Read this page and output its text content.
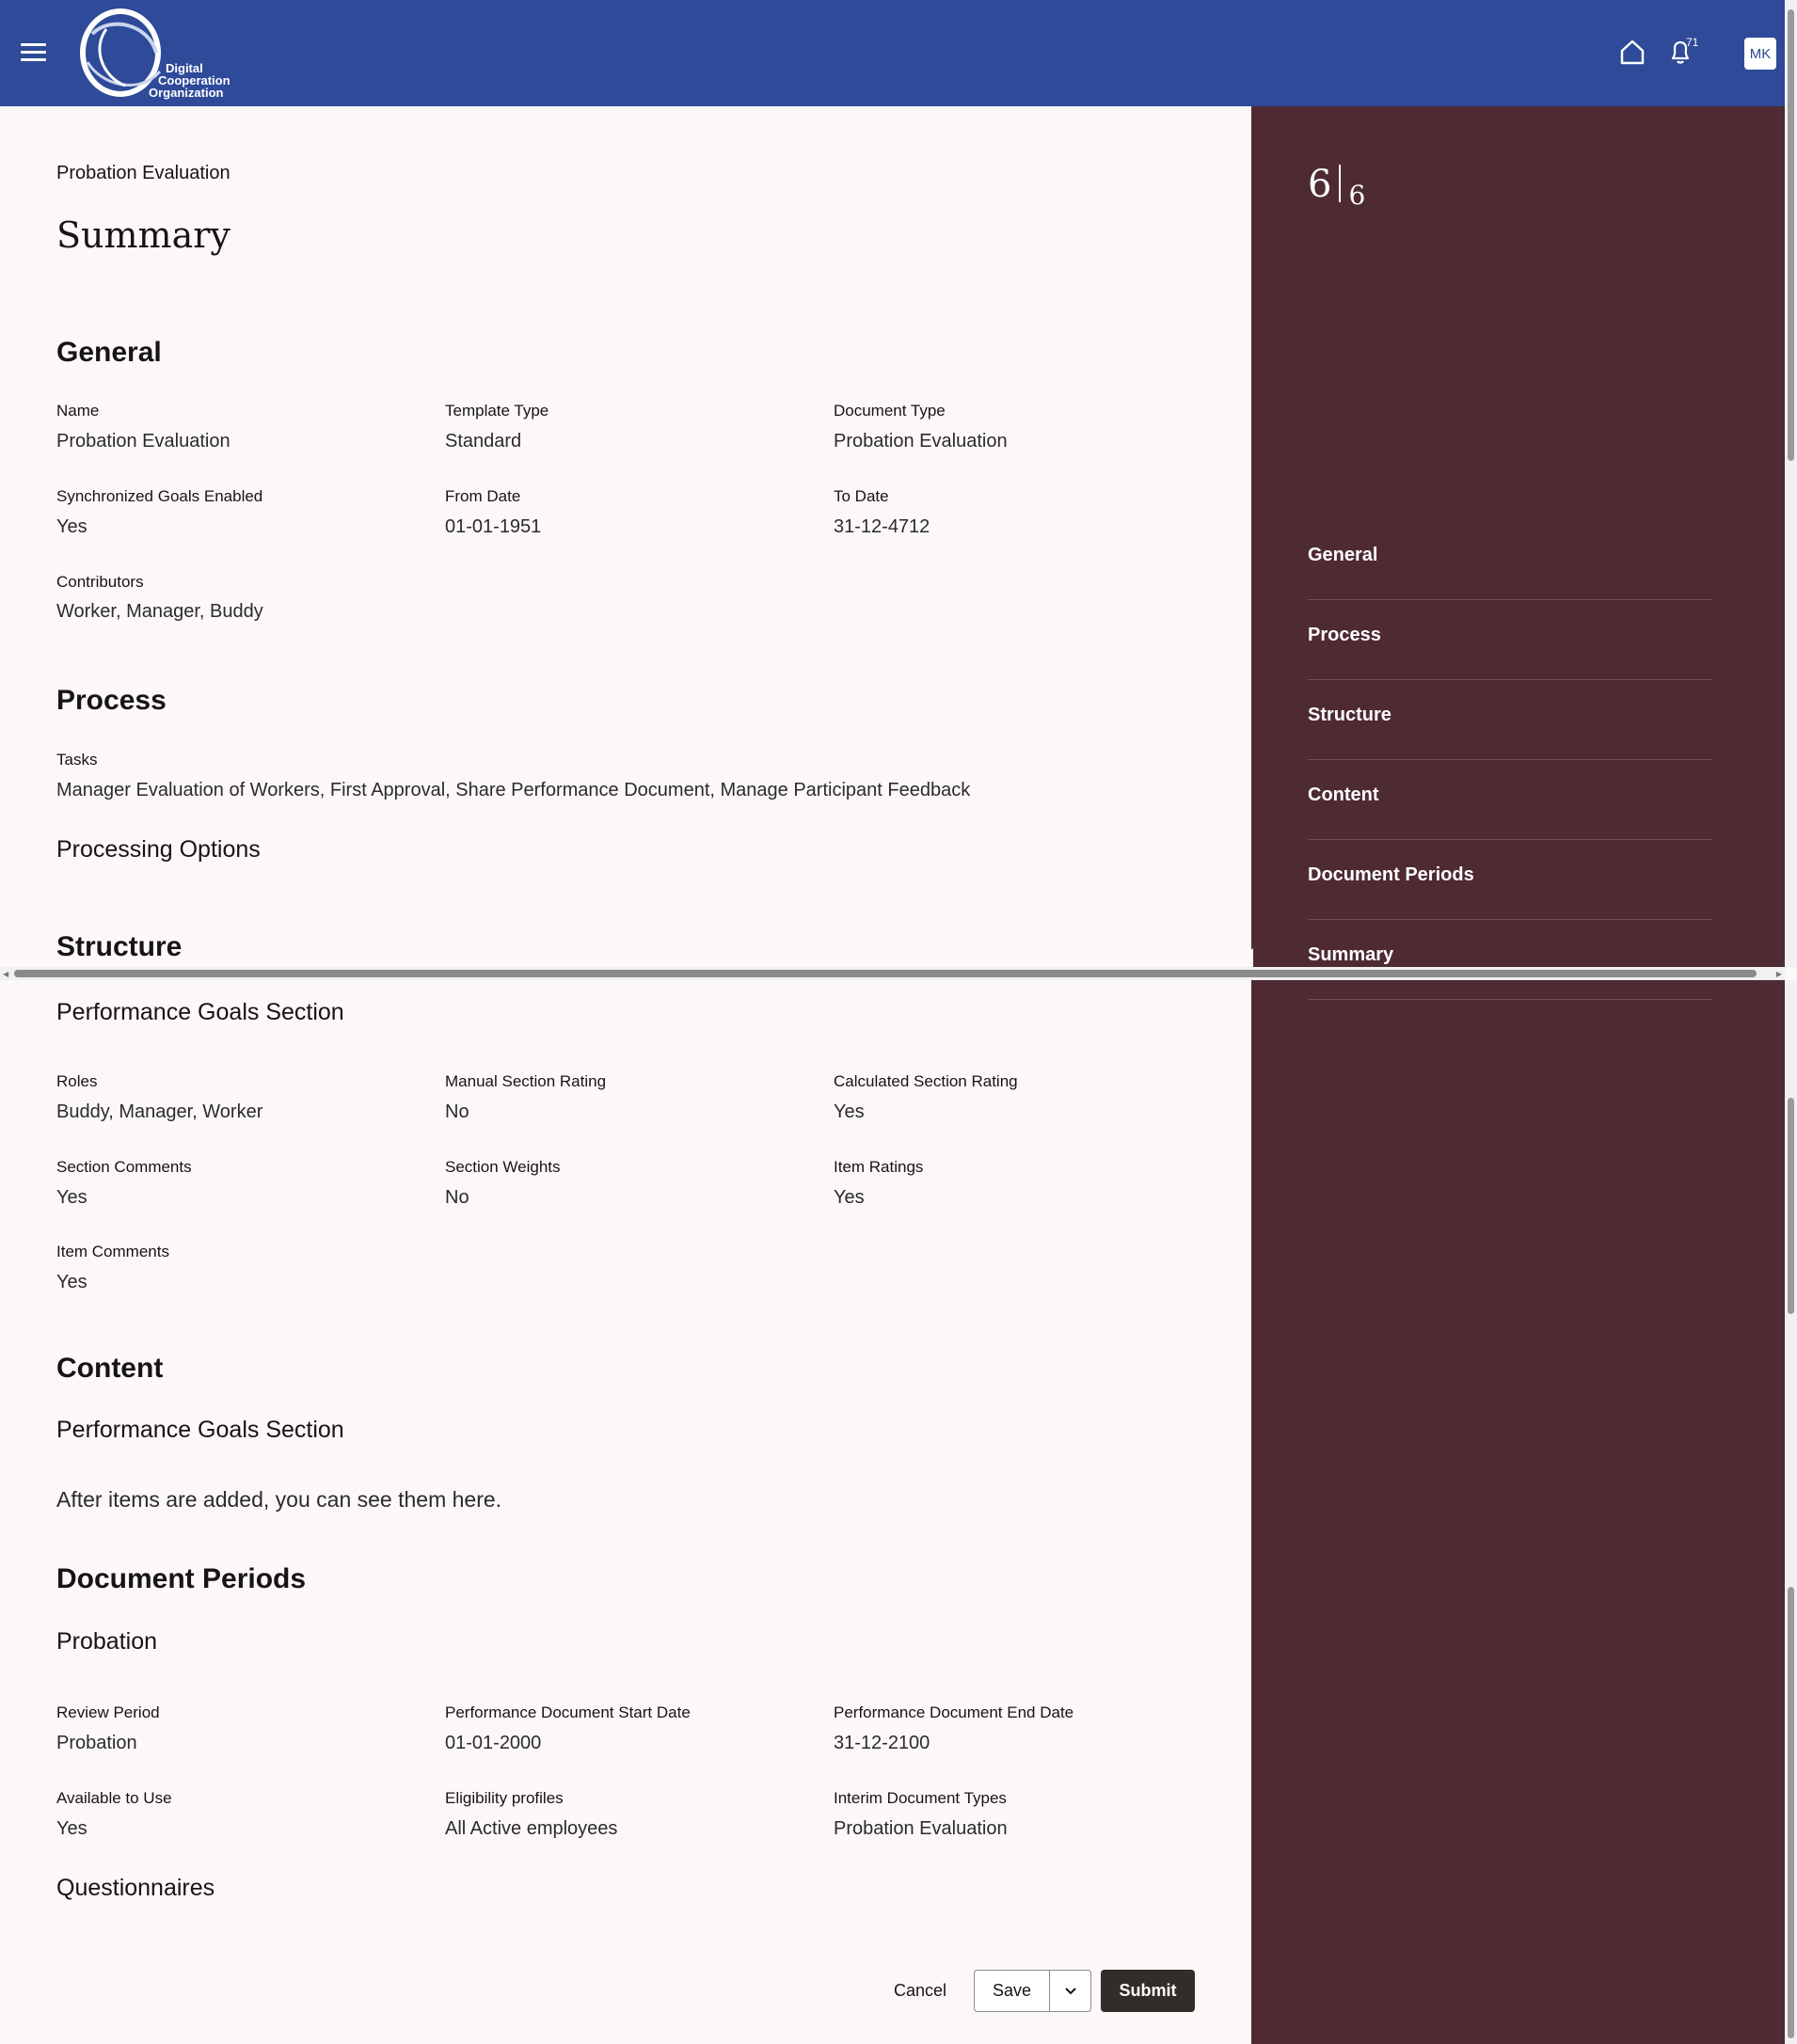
Digital
Cooperation
Organization
71
MK
Probation Evaluation
Summary
General
Name
Probation Evaluation
Template Type
Standard
Document Type
Probation Evaluation
Synchronized Goals Enabled
Yes
From Date
01-01-1951
To Date
31-12-4712
Contributors
Worker, Manager, Buddy
Process
Tasks
Manager Evaluation of Workers, First Approval, Share Performance Document, Manage Participant Feedback
Processing Options
Structure
Performance Goals Section
Roles
Buddy, Manager, Worker
Manual Section Rating
No
Calculated Section Rating
Yes
Section Comments
Yes
Section Weights
No
Item Ratings
Yes
Item Comments
Yes
Content
Performance Goals Section
After items are added, you can see them here.
Document Periods
Probation
Review Period
Probation
Performance Document Start Date
01-01-2000
Performance Document End Date
31-12-2100
Available to Use
Yes
Eligibility profiles
All Active employees
Interim Document Types
Probation Evaluation
Questionnaires
6 6
General
Process
Structure
Content
Document Periods
Summary
◀	▶
Cancel	Save	Submit
